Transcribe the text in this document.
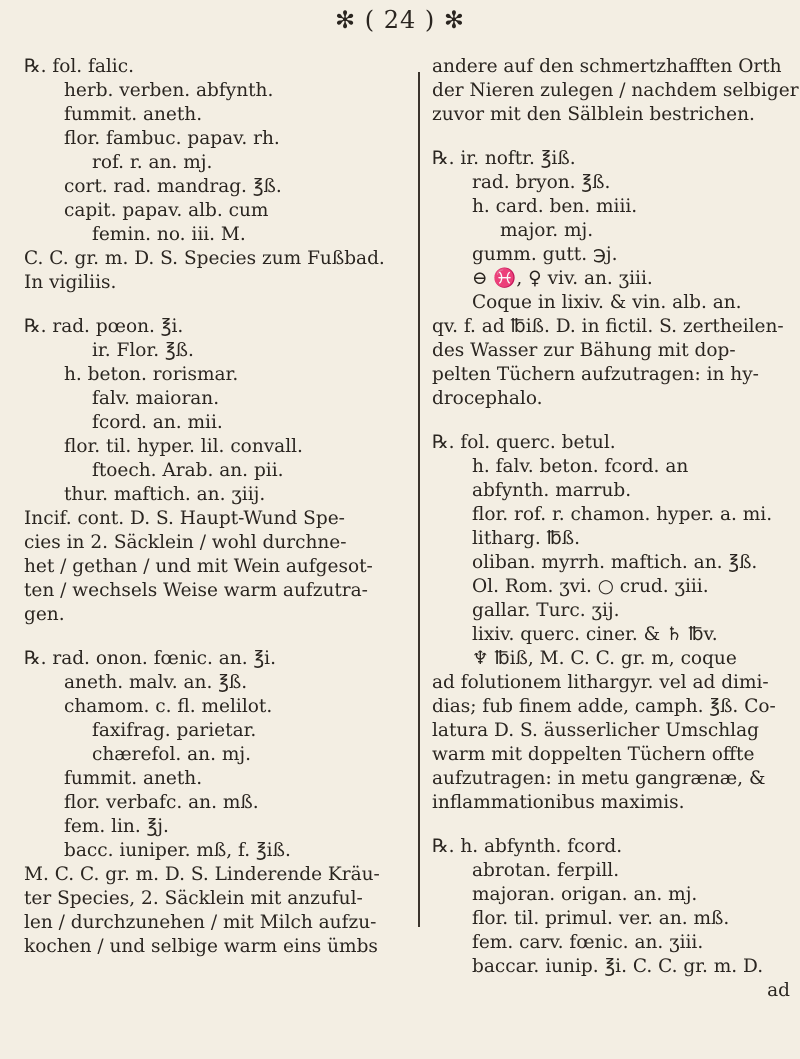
✻ ( 24 ) ✻
℞. fol. falic.
herb. verben. abfynth.
fummit. aneth.
flor. fambuc. papav. rh.
rof. r. an. mj.
cort. rad. mandrag. ℥ß.
capit. papav. alb. cum
femin. no. iii. M.
C. C. gr. m. D. S. Species zum Fußbad.
In vigiliis.
℞. rad. pœon. ℥i.
ir. Flor. ℥ß.
h. beton. rorismar.
falv. maioran.
fcord. an. mii.
flor. til. hyper. lil. convall.
ftoech. Arab. an. pii.
thur. maftich. an. ʒiij.
Incif. cont. D. S. Haupt-Wund Spe-
cies in 2. Säcklein / wohl durchne-
het / gethan / und mit Wein aufgesot-
ten / wechsels Weise warm aufzutra-
gen.
℞. rad. onon. fœnic. an. ℥i.
aneth. malv. an. ℥ß.
chamom. c. fl. melilot.
faxifrag. parietar.
chærefol. an. mj.
fummit. aneth.
flor. verbafc. an. mß.
fem. lin. ℥j.
bacc. iuniper. mß, f. ℥iß.
M. C. C. gr. m. D. S. Linderende Kräu-
ter Species, 2. Säcklein mit anzuful-
len / durchzunehen / mit Milch aufzu-
kochen / und selbige warm eins ümbs
andere auf den schmertzhafften Orth
der Nieren zulegen / nachdem selbiger
zuvor mit den Sälblein bestrichen.
℞. ir. noftr. ℥iß.
rad. bryon. ℥ß.
h. card. ben. miii.
major. mj.
gumm. gutt. ℈j.
⊖ ♓, ♀ viv. an. ʒiii.
Coque in lixiv. & vin. alb. an.
qv. f. ad ℔iß. D. in fictil. S. zertheilen-
des Wasser zur Bähung mit dop-
pelten Tüchern aufzutragen: in hy-
drocephalo.
℞. fol. querc. betul.
h. falv. beton. fcord. an
abfynth. marrub.
flor. rof. r. chamon. hyper. a. mi.
litharg. ℔ß.
oliban. myrrh. maftich. an. ℥ß.
Ol. Rom. ʒvi. ○ crud. ʒiii.
gallar. Turc. ʒij.
lixiv. querc. ciner. & ♄ ℔v.
♆ ℔iß, M. C. C. gr. m, coque
ad folutionem lithargyr. vel ad dimi-
dias; fub finem adde, camph. ℥ß. Co-
latura D. S. äusserlicher Umschlag
warm mit doppelten Tüchern offte
aufzutragen: in metu gangrænæ, &
inflammationibus maximis.
℞. h. abfynth. fcord.
abrotan. ferpill.
majoran. origan. an. mj.
flor. til. primul. ver. an. mß.
fem. carv. fœnic. an. ʒiii.
baccar. iunip. ℥i. C. C. gr. m. D.
ad
